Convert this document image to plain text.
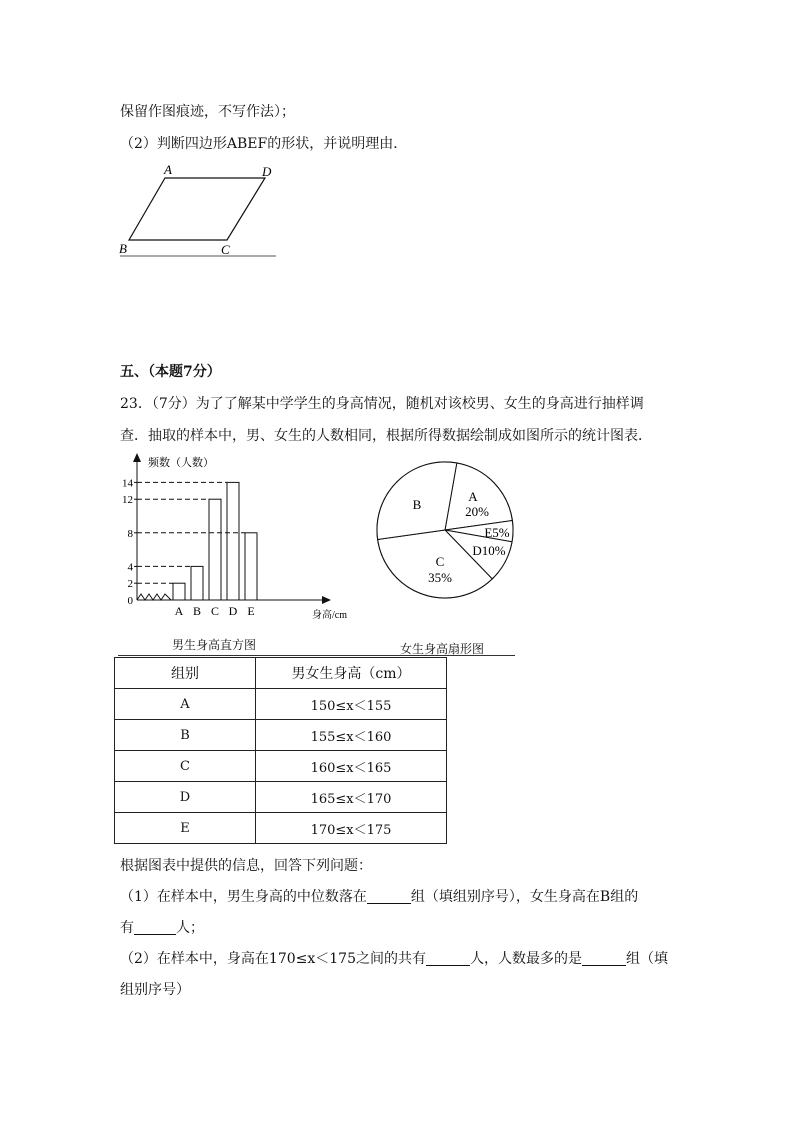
保留作图痕迹，不写作法）；
（2）判断四边形ABEF的形状，并说明理由．
A	D
B	C
五、（本题7分）
23．（7分）为了了解某中学学生的身高情况，随机对该校男、女生的身高进行抽样调
查．抽取的样本中，男、女生的人数相同，根据所得数据绘制成如图所示的统计图表．
0
2
4
8
12
14
A B C D E
频数（人数）
身高/cm
男生身高直方图
A
20%
E5%
D10%
C
35%
B
女生身高扇形图
组别	男女生身高（cm）
A	150≤x＜155
B	155≤x＜160
C	160≤x＜165
D	165≤x＜170
E	170≤x＜175
根据图表中提供的信息，回答下列问题：
（1）在样本中，男生身高的中位数落在	组（填组别序号），女生身高在B组的
有	人；
（2）在样本中，身高在170≤x＜175之间的共有	人，人数最多的是	组（填
组别序号）
